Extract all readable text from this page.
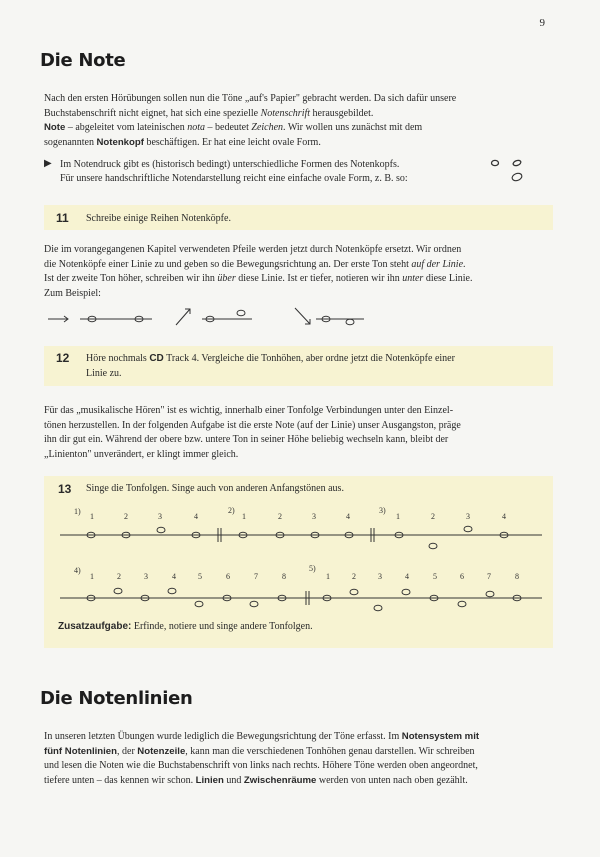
9
Die Note
Nach den ersten Hörübungen sollen nun die Töne „auf's Papier" gebracht werden. Da sich dafür unsere
Buchstabenschrift nicht eignet, hat sich eine spezielle Notenschrift herausgebildet.
Note – abgeleitet vom lateinischen nota – bedeutet Zeichen. Wir wollen uns zunächst mit dem
sogenannten Notenkopf beschäftigen. Er hat eine leicht ovale Form.
▶ Im Notendruck gibt es (historisch bedingt) unterschiedliche Formen des Notenkopfs.
Für unsere handschriftliche Notendarstellung reicht eine einfache ovale Form, z. B. so:
11 Schreibe einige Reihen Notenköpfe.
Die im vorangegangenen Kapitel verwendeten Pfeile werden jetzt durch Notenköpfe ersetzt. Wir ordnen
die Notenköpfe einer Linie zu und geben so die Bewegungsrichtung an. Der erste Ton steht auf der Linie.
Ist der zweite Ton höher, schreiben wir ihn über diese Linie. Ist er tiefer, notieren wir ihn unter diese Linie.
Zum Beispiel:
12 Höre nochmals CD Track 4. Vergleiche die Tonhöhen, aber ordne jetzt die Notenköpfe einer
Linie zu.
Für das „musikalische Hören" ist es wichtig, innerhalb einer Tonfolge Verbindungen unter den Einzel-
tönen herzustellen. In der folgenden Aufgabe ist die erste Note (auf der Linie) unser Ausgangston, präge
ihn dir gut ein. Während der obere bzw. untere Ton in seiner Höhe beliebig wechseln kann, bleibt der
„Linienton" unverändert, er klingt immer gleich.
13 Singe die Tonfolgen. Singe auch von anderen Anfangstönen aus.
1)	2)	3)
1	2	3	4	1	2	3	4	1	2	3	4
4)	5)
1	2	3	4	5	6	7	8	1	2	3	4	5	6	7	8
Zusatzaufgabe: Erfinde, notiere und singe andere Tonfolgen.
Die Notenlinien
In unseren letzten Übungen wurde lediglich die Bewegungsrichtung der Töne erfasst. Im Notensystem mit
fünf Notenlinien, der Notenzeile, kann man die verschiedenen Tonhöhen genau darstellen. Wir schreiben
und lesen die Noten wie die Buchstabenschrift von links nach rechts. Höhere Töne werden oben angeordnet,
tiefere unten – das kennen wir schon. Linien und Zwischenräume werden von unten nach oben gezählt.
